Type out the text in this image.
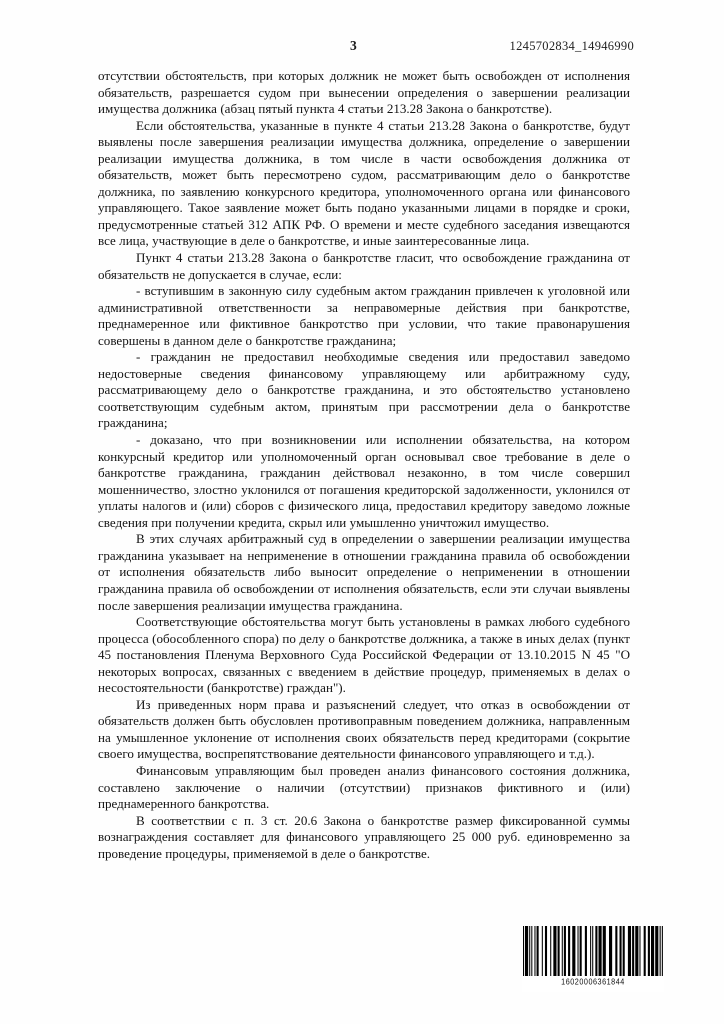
3	1245702834_14946990

отсутствии обстоятельств, при которых должник не может быть освобожден от исполнения обязательств, разрешается судом при вынесении определения о завершении реализации имущества должника (абзац пятый пункта 4 статьи 213.28 Закона о банкротстве).

Если обстоятельства, указанные в пункте 4 статьи 213.28 Закона о банкротстве, будут выявлены после завершения реализации имущества должника, определение о завершении реализации имущества должника, в том числе в части освобождения должника от обязательств, может быть пересмотрено судом, рассматривающим дело о банкротстве должника, по заявлению конкурсного кредитора, уполномоченного органа или финансового управляющего. Такое заявление может быть подано указанными лицами в порядке и сроки, предусмотренные статьей 312 АПК РФ. О времени и месте судебного заседания извещаются все лица, участвующие в деле о банкротстве, и иные заинтересованные лица.

Пункт 4 статьи 213.28 Закона о банкротстве гласит, что освобождение гражданина от обязательств не допускается в случае, если:

- вступившим в законную силу судебным актом гражданин привлечен к уголовной или административной ответственности за неправомерные действия при банкротстве, преднамеренное или фиктивное банкротство при условии, что такие правонарушения совершены в данном деле о банкротстве гражданина;

- гражданин не предоставил необходимые сведения или предоставил заведомо недостоверные сведения финансовому управляющему или арбитражному суду, рассматривающему дело о банкротстве гражданина, и это обстоятельство установлено соответствующим судебным актом, принятым при рассмотрении дела о банкротстве гражданина;

- доказано, что при возникновении или исполнении обязательства, на котором конкурсный кредитор или уполномоченный орган основывал свое требование в деле о банкротстве гражданина, гражданин действовал незаконно, в том числе совершил мошенничество, злостно уклонился от погашения кредиторской задолженности, уклонился от уплаты налогов и (или) сборов с физического лица, предоставил кредитору заведомо ложные сведения при получении кредита, скрыл или умышленно уничтожил имущество.

В этих случаях арбитражный суд в определении о завершении реализации имущества гражданина указывает на неприменение в отношении гражданина правила об освобождении от исполнения обязательств либо выносит определение о неприменении в отношении гражданина правила об освобождении от исполнения обязательств, если эти случаи выявлены после завершения реализации имущества гражданина.

Соответствующие обстоятельства могут быть установлены в рамках любого судебного процесса (обособленного спора) по делу о банкротстве должника, а также в иных делах (пункт 45 постановления Пленума Верховного Суда Российской Федерации от 13.10.2015 N 45 "О некоторых вопросах, связанных с введением в действие процедур, применяемых в делах о несостоятельности (банкротстве) граждан").

Из приведенных норм права и разъяснений следует, что отказ в освобождении от обязательств должен быть обусловлен противоправным поведением должника, направленным на умышленное уклонение от исполнения своих обязательств перед кредиторами (сокрытие своего имущества, воспрепятствование деятельности финансового управляющего и т.д.).

Финансовым управляющим был проведен анализ финансового состояния должника, составлено заключение о наличии (отсутствии) признаков фиктивного и (или) преднамеренного банкротства.

В соответствии с п. 3 ст. 20.6 Закона о банкротстве размер фиксированной суммы вознаграждения составляет для финансового управляющего 25 000 руб. единовременно за проведение процедуры, применяемой в деле о банкротстве.

16020006361844
